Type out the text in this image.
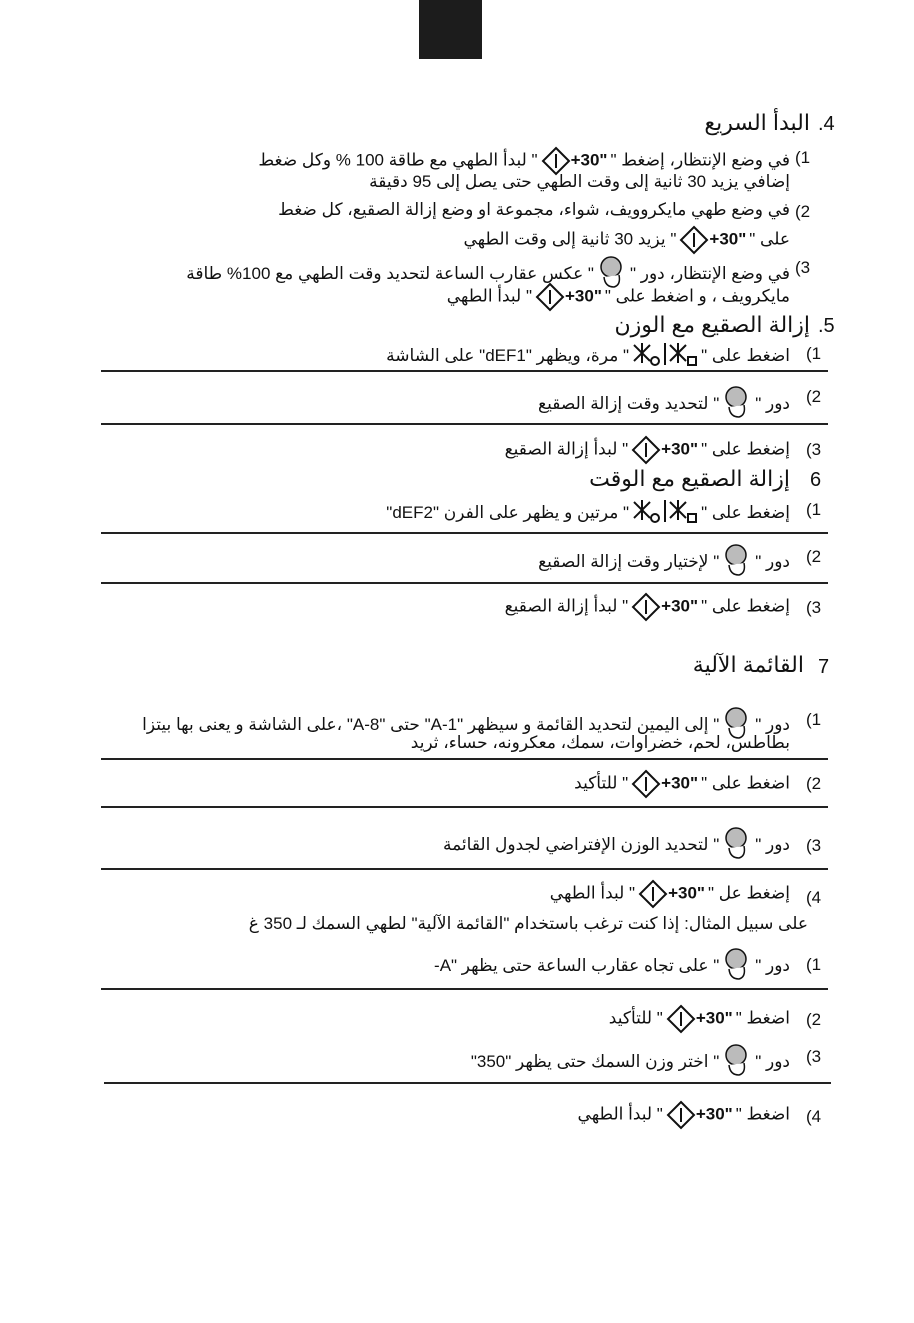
.4
البدأ السريع
(1
في وضع الإنتظار، إضغط "+30"" لبدأ الطهي مع طاقة 100 % وكل ضغط
إضافي يزيد 30 ثانية إلى وقت الطهي حتى يصل إلى 95 دقيقة
(2
في وضع طهي مايكروويف، شواء، مجموعة او وضع إزالة الصقيع، كل ضغط
على "+30"" يزيد 30 ثانية إلى وقت الطهي
(3
في وضع الإنتظار، دور "" عكس عقارب الساعة لتحديد وقت الطهي مع 100% طاقة
مايكرويف ، و اضغط على "+30"" لبدأ الطهي
.5
إزالة الصقيع مع الوزن
(1
اضغط على "" مرة، ويظهر "dEF1" على الشاشة
(2
دور "" لتحديد وقت إزالة الصقيع
(3
إضغط على "+30"" لبدأ إزالة الصقيع
6
إزالة الصقيع مع الوقت
(1
إضغط على "" مرتين و يظهر على الفرن "dEF2"
(2
دور "" لإختيار وقت إزالة الصقيع
(3
إضغط على "+30"" لبدأ إزالة الصقيع
7
القائمة الآلية
(1
دور "" إلى اليمين لتحديد القائمة و سيظهر "A-1" حتى "A-8" ،على الشاشة و يعنى بها بيتزا
بطاطس، لحم، خضراوات، سمك، معكرونه، حساء، ثريد
(2
اضغط على "+30"" للتأكيد
(3
دور "" لتحديد الوزن الإفتراضي لجدول القائمة
(4
إضغط عل "+30"" لبدأ الطهي
على سبيل المثال: إذا كنت ترغب باستخدام "القائمة الآلية" لطهي السمك لـ 350 غ
(1
دور "" على تجاه عقارب الساعة حتى يظهر "A-
(2
اضغط "+30"" للتأكيد
(3
دور "" اختر وزن السمك حتى يظهر "350"
(4
اضغط "+30"" لبدأ الطهي
